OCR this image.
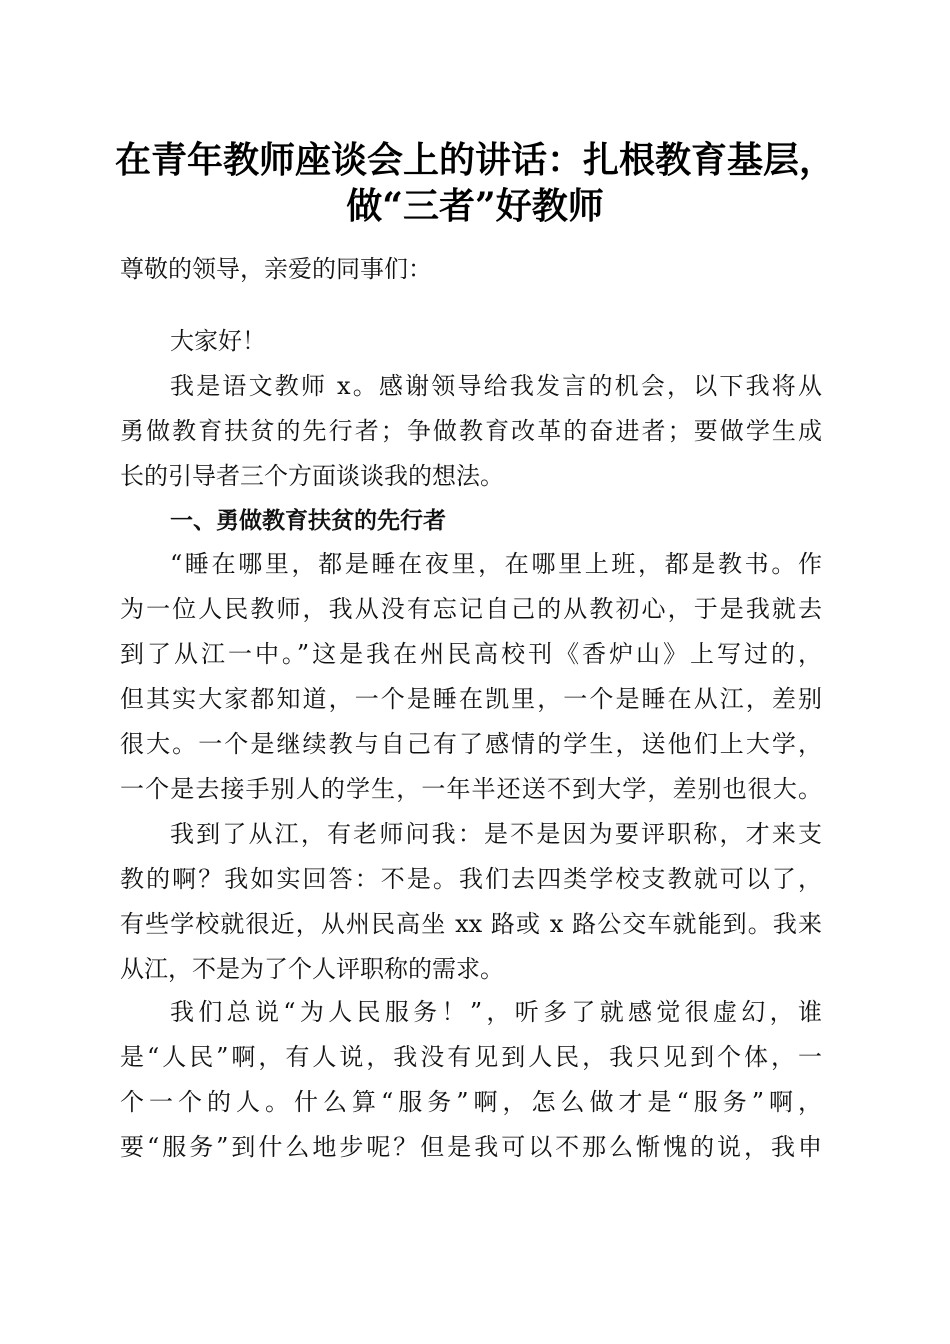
在青年教师座谈会上的讲话：扎根教育基层，
做“三者”好教师
尊敬的领导，亲爱的同事们：
大家好！
我是语文教师 x。感谢领导给我发言的机会，以下我将从
勇做教育扶贫的先行者；争做教育改革的奋进者；要做学生成
长的引导者三个方面谈谈我的想法。
一、勇做教育扶贫的先行者
“睡在哪里，都是睡在夜里，在哪里上班，都是教书。作
为一位人民教师，我从没有忘记自己的从教初心，于是我就去
到了从江一中。”这是我在州民高校刊《香炉山》上写过的，
但其实大家都知道，一个是睡在凯里，一个是睡在从江，差别
很大。一个是继续教与自己有了感情的学生，送他们上大学，
一个是去接手别人的学生，一年半还送不到大学，差别也很大。
我到了从江，有老师问我：是不是因为要评职称，才来支
教的啊？我如实回答：不是。我们去四类学校支教就可以了，
有些学校就很近，从州民高坐 xx 路或 x 路公交车就能到。我来
从江，不是为了个人评职称的需求。
我们总说“为人民服务！”，听多了就感觉很虚幻，谁
是“人民”啊，有人说，我没有见到人民，我只见到个体，一
个一个的人。什么算“服务”啊，怎么做才是“服务”啊，
要“服务”到什么地步呢？但是我可以不那么惭愧的说，我申
